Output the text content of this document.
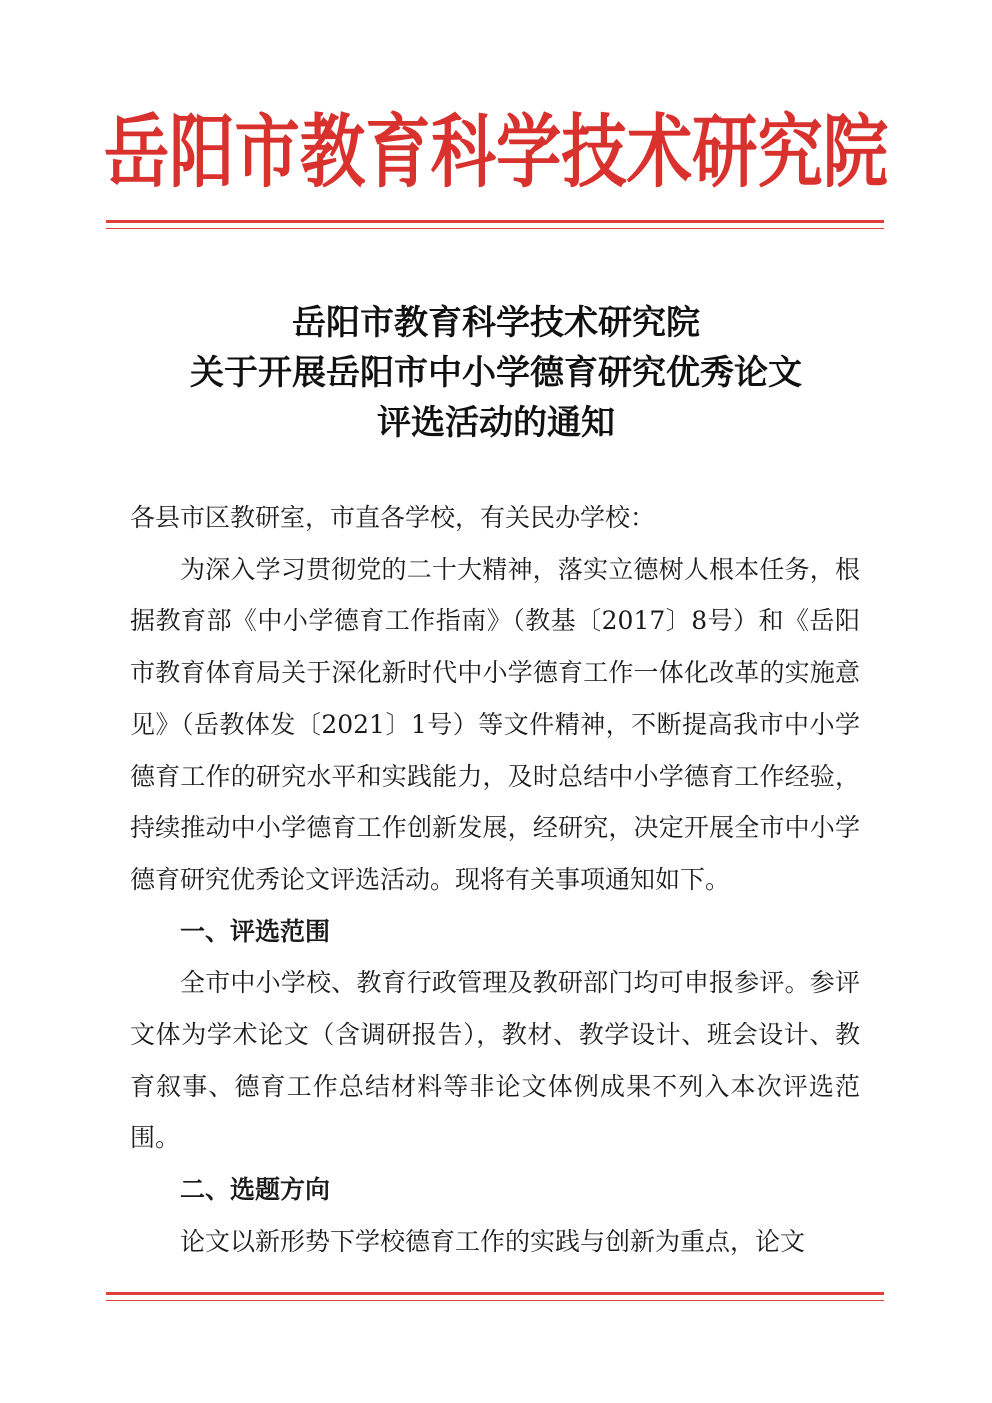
岳阳市教育科学技术研究院
岳阳市教育科学技术研究院
关于开展岳阳市中小学德育研究优秀论文
评选活动的通知

各县市区教研室，市直各学校，有关民办学校：

为深入学习贯彻党的二十大精神，落实立德树人根本任务，根据教育部《中小学德育工作指南》（教基〔2017〕8号）和《岳阳市教育体育局关于深化新时代中小学德育工作一体化改革的实施意见》（岳教体发〔2021〕1号）等文件精神，不断提高我市中小学德育工作的研究水平和实践能力，及时总结中小学德育工作经验，持续推动中小学德育工作创新发展，经研究，决定开展全市中小学德育研究优秀论文评选活动。现将有关事项通知如下。

一、评选范围

全市中小学校、教育行政管理及教研部门均可申报参评。参评文体为学术论文（含调研报告），教材、教学设计、班会设计、教育叙事、德育工作总结材料等非论文体例成果不列入本次评选范围。

二、选题方向

论文以新形势下学校德育工作的实践与创新为重点，论文
